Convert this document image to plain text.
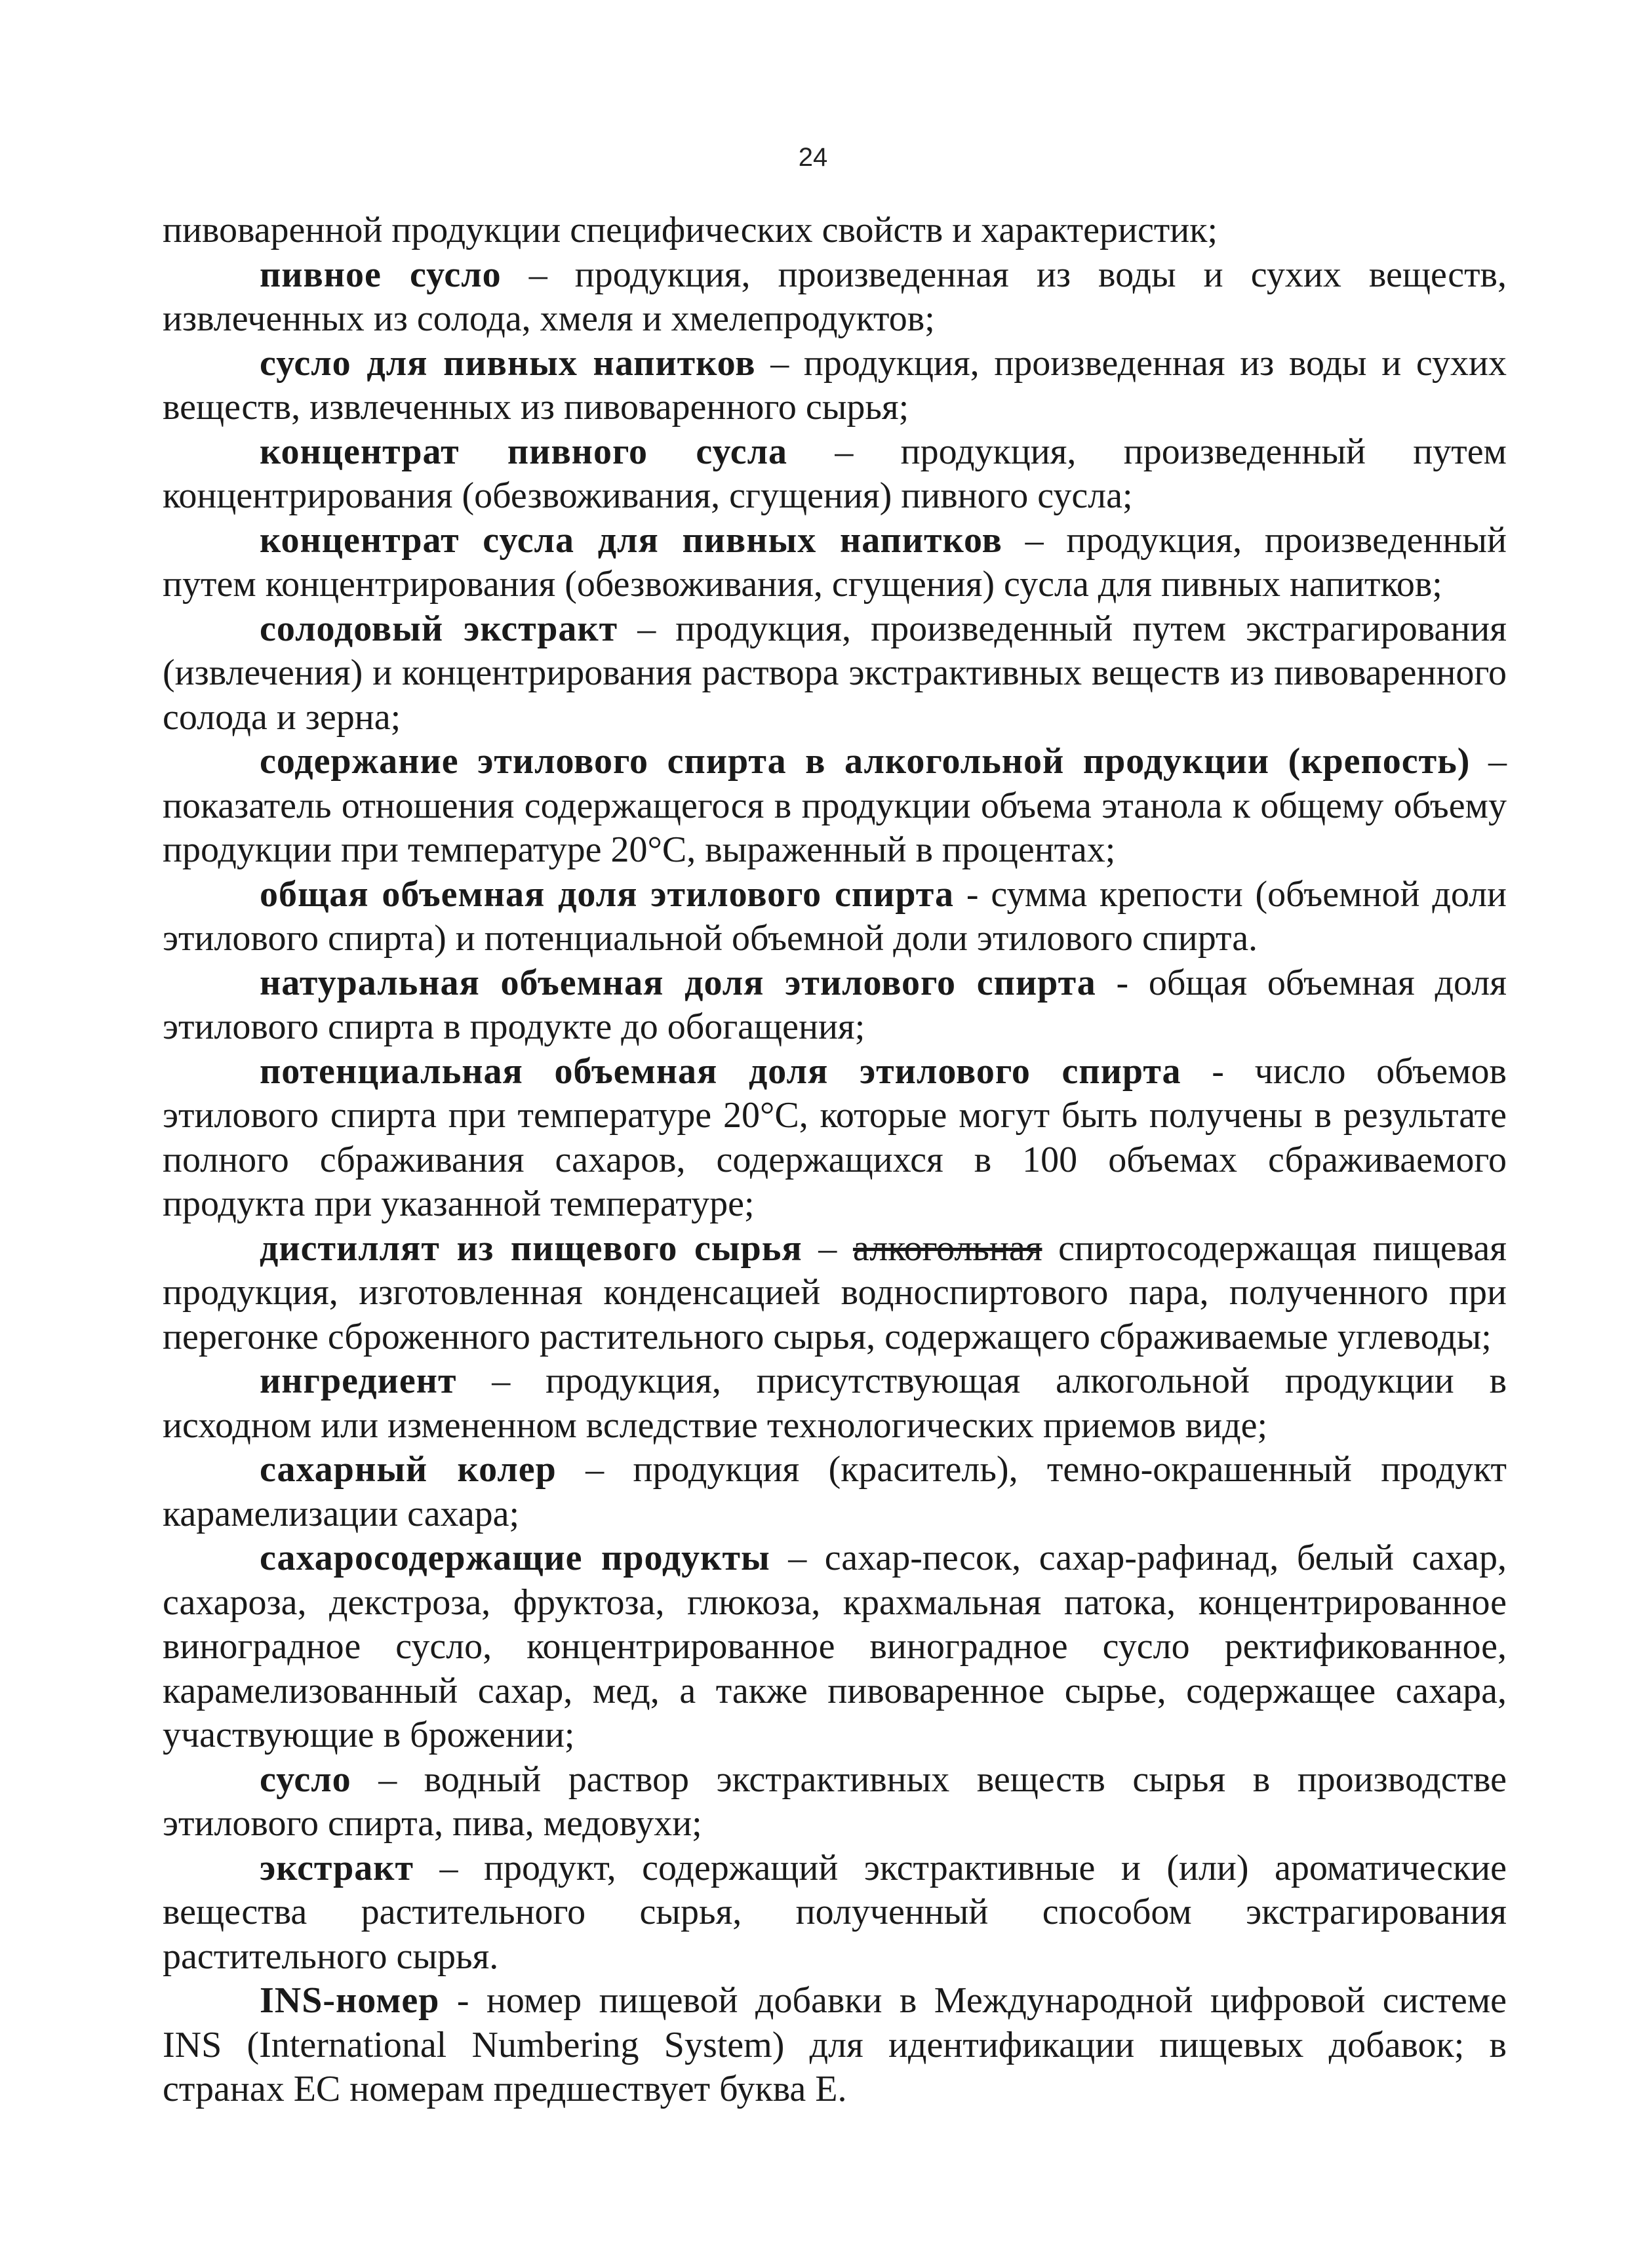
24

пивоваренной продукции специфических свойств и характеристик;

пивное сусло – продукция, произведенная из воды и сухих веществ, извлеченных из солода, хмеля и хмелепродуктов;

сусло для пивных напитков – продукция, произведенная из воды и сухих веществ, извлеченных из пивоваренного сырья;

концентрат пивного сусла – продукция, произведенный путем концентрирования (обезвоживания, сгущения) пивного сусла;

концентрат сусла для пивных напитков – продукция, произведенный путем концентрирования (обезвоживания, сгущения) сусла для пивных напитков;

солодовый экстракт – продукция, произведенный путем экстрагирования (извлечения) и концентрирования раствора экстрактивных веществ из пивоваренного солода и зерна;

содержание этилового спирта в алкогольной продукции (крепость) – показатель отношения содержащегося в продукции объема этанола к общему объему продукции при температуре 20°С, выраженный в процентах;

общая объемная доля этилового спирта - сумма крепости (объемной доли этилового спирта) и потенциальной объемной доли этилового спирта.

натуральная объемная доля этилового спирта - общая объемная доля этилового спирта в продукте до обогащения;

потенциальная объемная доля этилового спирта - число объемов этилового спирта при температуре 20°С, которые могут быть получены в результате полного сбраживания сахаров, содержащихся в 100 объемах сбраживаемого продукта при указанной температуре;

дистиллят из пищевого сырья – алкогольная спиртосодержащая пищевая продукция, изготовленная конденсацией водноспиртового пара, полученного при перегонке сброженного растительного сырья, содержащего сбраживаемые углеводы;

ингредиент – продукция, присутствующая алкогольной продукции в исходном или измененном вследствие технологических приемов виде;

сахарный колер – продукция (краситель), темно-окрашенный продукт карамелизации сахара;

сахаросодержащие продукты – сахар-песок, сахар-рафинад, белый сахар, сахароза, декстроза, фруктоза, глюкоза, крахмальная патока, концентрированное виноградное сусло, концентрированное виноградное сусло ректификованное, карамелизованный сахар, мед, а также пивоваренное сырье, содержащее сахара, участвующие в брожении;

сусло – водный раствор экстрактивных веществ сырья в производстве этилового спирта, пива, медовухи;

экстракт – продукт, содержащий экстрактивные и (или) ароматические вещества растительного сырья, полученный способом экстрагирования растительного сырья.

INS-номер - номер пищевой добавки в Международной цифровой системе INS (International Numbering System) для идентификации пищевых добавок; в странах ЕС номерам предшествует буква Е.
